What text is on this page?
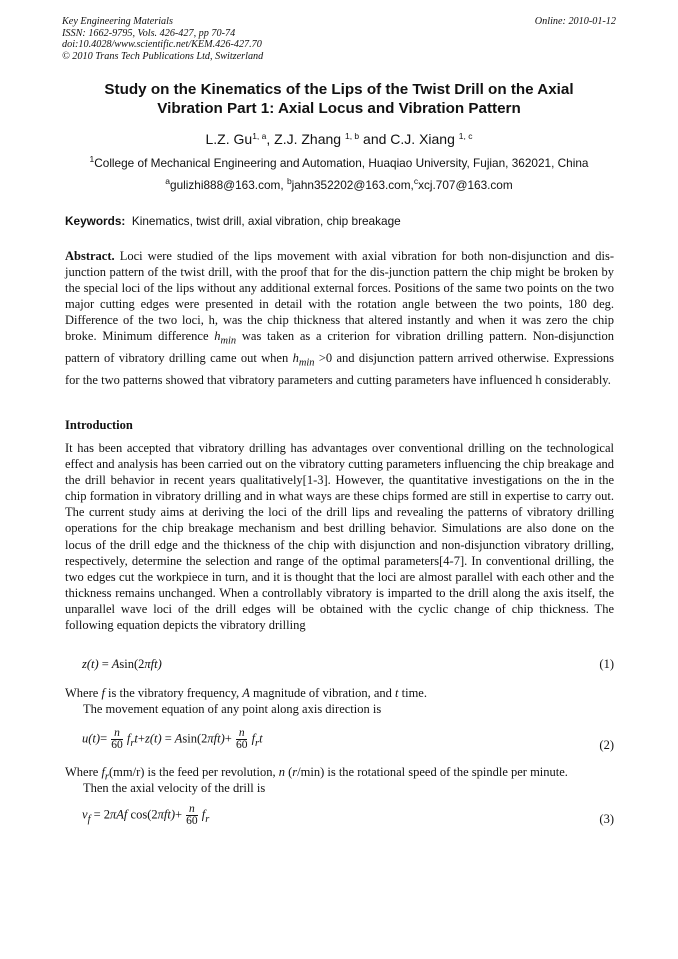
Key Engineering Materials
ISSN: 1662-9795, Vols. 426-427, pp 70-74
doi:10.4028/www.scientific.net/KEM.426-427.70
© 2010 Trans Tech Publications Ltd, Switzerland
Online: 2010-01-12
Study on the Kinematics of the Lips of the Twist Drill on the Axial
Vibration Part 1: Axial Locus and Vibration Pattern
L.Z. Gu$^{1, a}$, Z.J. Zhang $^{1, b}$ and C.J. Xiang $^{1, c}$
$^1$College of Mechanical Engineering and Automation, Huaqiao University, Fujian, 362021, China
$^a$gulizhi888@163.com, $^b$jahn352202@163.com,$^c$xcj.707@163.com
Keywords: Kinematics, twist drill, axial vibration, chip breakage
Abstract. Loci were studied of the lips movement with axial vibration for both non-disjunction and dis-junction pattern of the twist drill, with the proof that for the dis-junction pattern the chip might be broken by the special loci of the lips without any additional external forces. Positions of the same two points on the two major cutting edges were presented in detail with the rotation angle between the two points, 180 deg. Difference of the two loci, h, was the chip thickness that altered instantly and when it was zero the chip broke. Minimum difference $h_{min}$ was taken as a criterion for vibration drilling pattern. Non-disjunction pattern of vibratory drilling came out when $h_{min} >0$ and disjunction pattern arrived otherwise. Expressions for the two patterns showed that vibratory parameters and cutting parameters have influenced h considerably.
Introduction
It has been accepted that vibratory drilling has advantages over conventional drilling on the technological effect and analysis has been carried out on the vibratory cutting parameters influencing the chip breakage and the drill behavior in recent years qualitatively[1-3]. However, the quantitative investigations on the in the chip formation in vibratory drilling and in what ways are these chips formed are still in expertise to carry out. The current study aims at deriving the loci of the drill lips and revealing the patterns of vibratory drilling operations for the chip breakage mechanism and best drilling behavior. Simulations are also done on the locus of the drill edge and the thickness of the chip with disjunction and non-disjunction vibratory drilling, respectively, determine the selection and range of the optimal parameters[4-7]. In conventional drilling, the two edges cut the workpiece in turn, and it is thought that the loci are almost parallel with each other and the thickness remains unchanged. When a controllably vibratory is imparted to the drill along the axis itself, the unparallel wave loci of the drill edges will be obtained with the cyclic change of chip thickness. The following equation depicts the vibratory drilling
z(t) = Asin(2πft)	(1)
Where f is the vibratory frequency, A magnitude of vibration, and t time.
The movement equation of any point along axis direction is
$u(t)= \frac{n}{60} f_rt+z(t) = Asin(2\pi ft)+ \frac{n}{60} f_rt$	(2)
Where $f_r(mm/r)$ is the feed per revolution, n (r/min) is the rotational speed of the spindle per minute.
Then the axial velocity of the drill is
$v_f = 2\pi Af$ $\cos(2\pi ft)+ \frac{n}{60} f_r$	(3)
